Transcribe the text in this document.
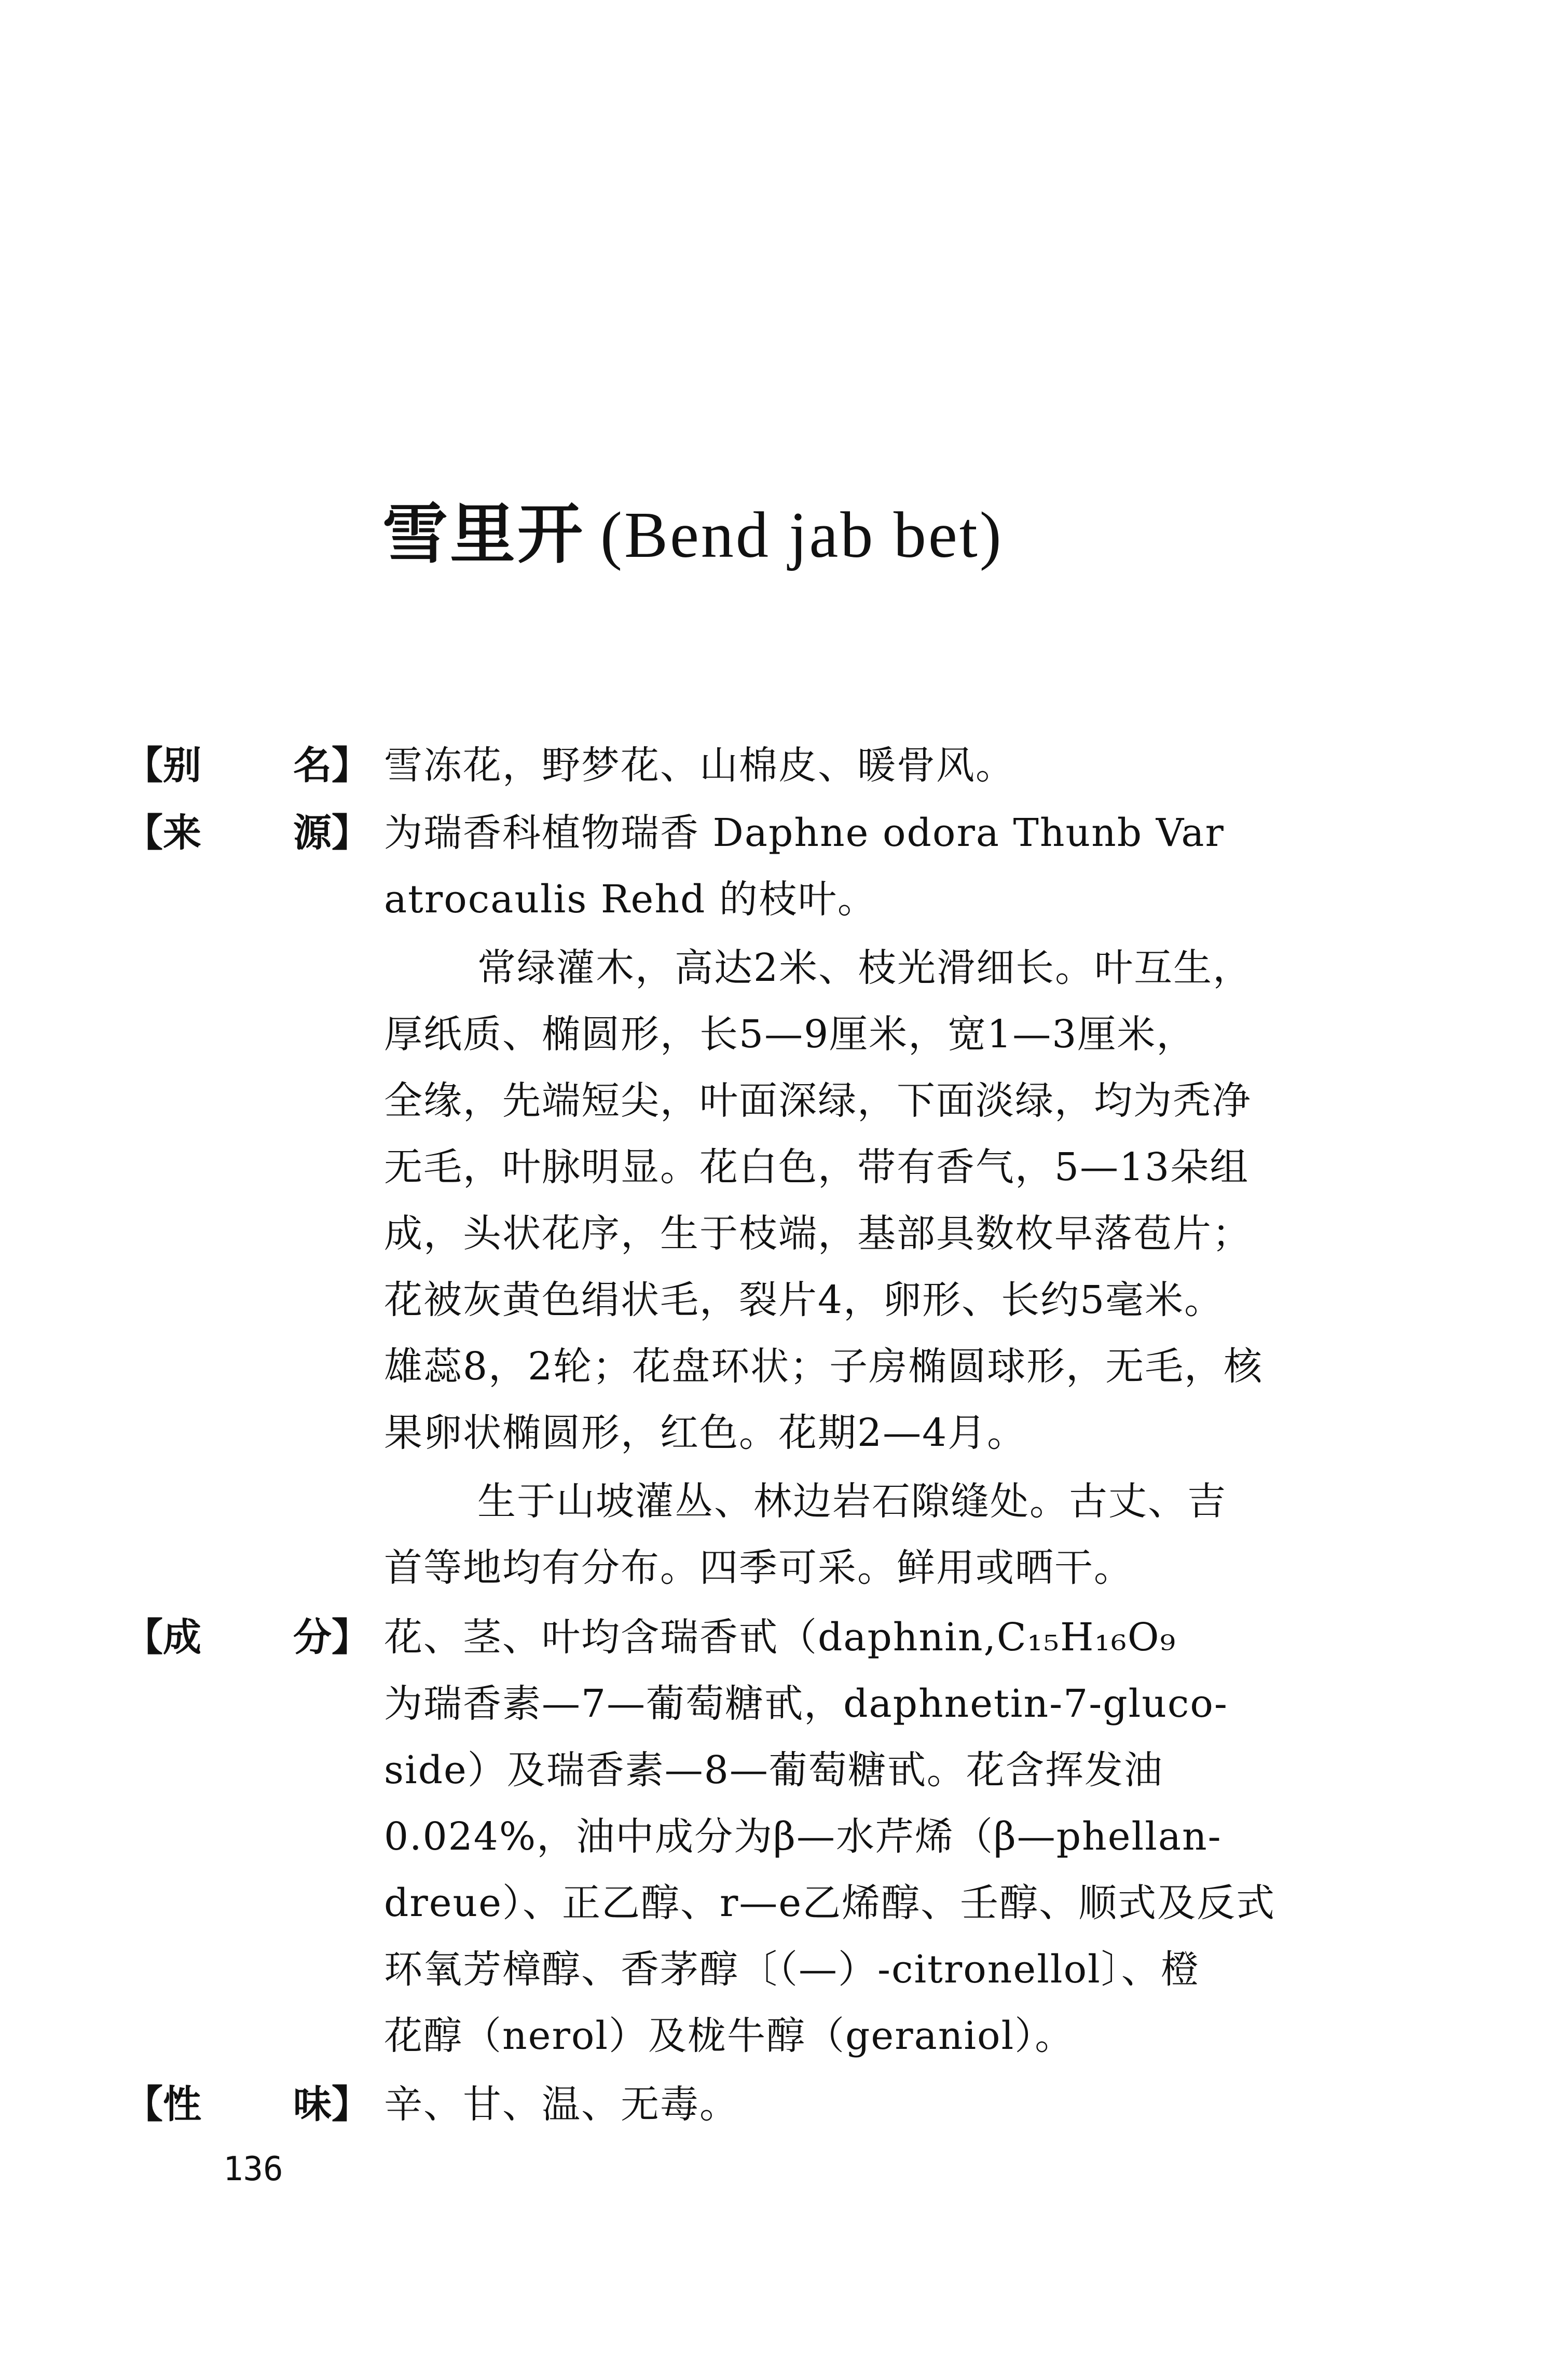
雪里开 (Bend jab bet)
【别 名】 雪冻花，野梦花、山棉皮、暖骨风。
【来 源】 为瑞香科植物瑞香 Daphne odora Thunb Var
atrocaulis Rehd 的枝叶。
常绿灌木，高达2米、枝光滑细长。叶互生，
厚纸质、椭圆形，长5—9厘米，宽1—3厘米，
全缘，先端短尖，叶面深绿，下面淡绿，均为秃净
无毛，叶脉明显。花白色，带有香气，5—13朵组
成，头状花序，生于枝端，基部具数枚早落苞片；
花被灰黄色绢状毛，裂片4，卵形、长约5毫米。
雄蕊8，2轮；花盘环状；子房椭圆球形，无毛，核
果卵状椭圆形，红色。花期2—4月。
生于山坡灌丛、林边岩石隙缝处。古丈、吉
首等地均有分布。四季可采。鲜用或晒干。
【成 分】 花、茎、叶均含瑞香甙（daphnin,C₁₅H₁₆O₉
为瑞香素—7—葡萄糖甙，daphnetin-7-gluco-
side）及瑞香素—8—葡萄糖甙。花含挥发油
0.024%，油中成分为β—水芹烯（β—phellan-
dreue）、正乙醇、r—e乙烯醇、壬醇、顺式及反式
环氧芳樟醇、香茅醇〔（—）-citronellol〕、橙
花醇（nerol）及栊牛醇（geraniol）。
【性 味】 辛、甘、温、无毒。
136
